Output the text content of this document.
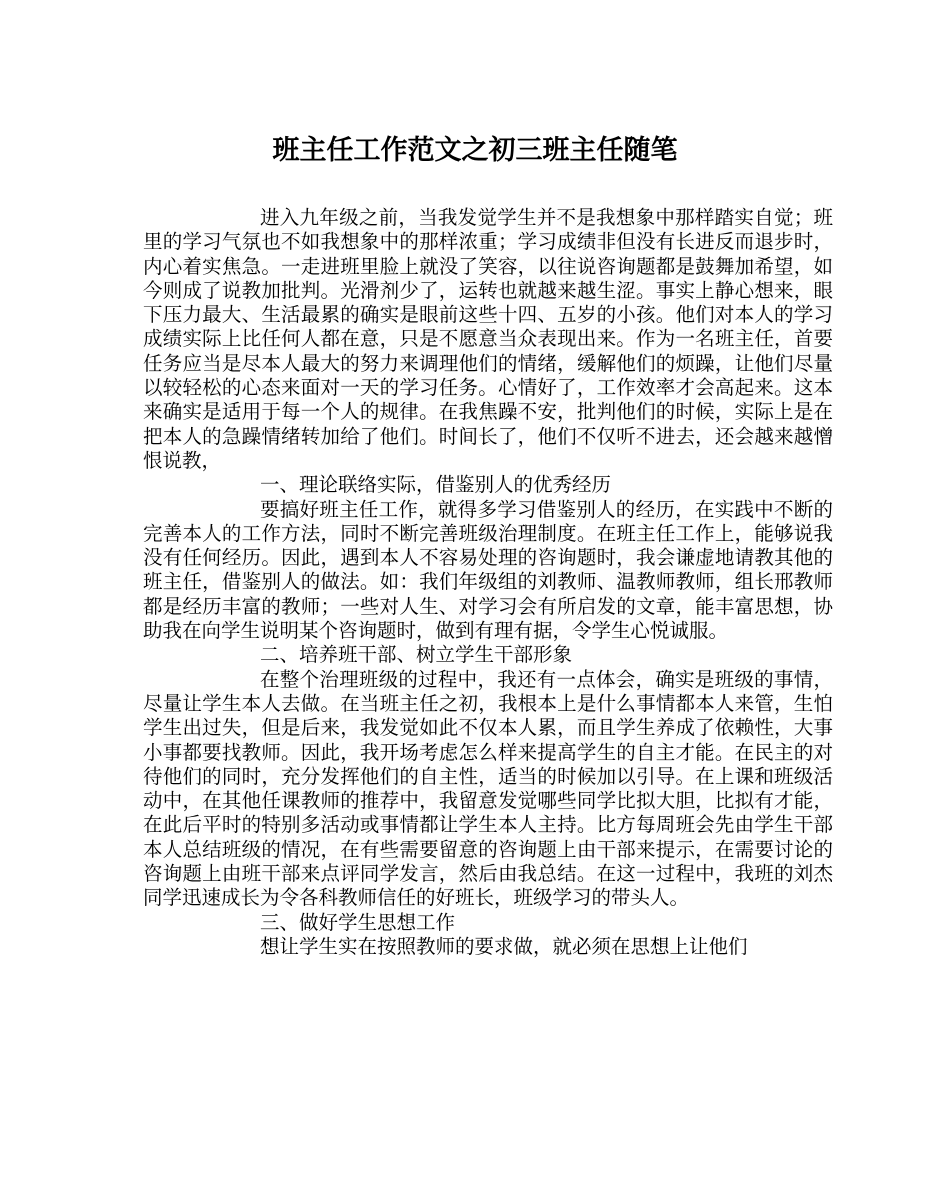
班主任工作范文之初三班主任随笔

进入九年级之前，当我发觉学生并不是我想象中那样踏实自觉；班里的学习气氛也不如我想象中的那样浓重；学习成绩非但没有长进反而退步时，内心着实焦急。一走进班里脸上就没了笑容，以往说咨询题都是鼓舞加希望，如今则成了说教加批判。光滑剂少了，运转也就越来越生涩。事实上静心想来，眼下压力最大、生活最累的确实是眼前这些十四、五岁的小孩。他们对本人的学习成绩实际上比任何人都在意，只是不愿意当众表现出来。作为一名班主任，首要任务应当是尽本人最大的努力来调理他们的情绪，缓解他们的烦躁，让他们尽量以较轻松的心态来面对一天的学习任务。心情好了，工作效率才会高起来。这本来确实是适用于每一个人的规律。在我焦躁不安，批判他们的时候，实际上是在把本人的急躁情绪转加给了他们。时间长了，他们不仅听不进去，还会越来越憎恨说教，

一、理论联络实际，借鉴别人的优秀经历

要搞好班主任工作，就得多学习借鉴别人的经历，在实践中不断的完善本人的工作方法，同时不断完善班级治理制度。在班主任工作上，能够说我没有任何经历。因此，遇到本人不容易处理的咨询题时，我会谦虚地请教其他的班主任，借鉴别人的做法。如：我们年级组的刘教师、温教师教师，组长邢教师都是经历丰富的教师；一些对人生、对学习会有所启发的文章，能丰富思想，协助我在向学生说明某个咨询题时，做到有理有据，令学生心悦诚服。

二、培养班干部、树立学生干部形象

在整个治理班级的过程中，我还有一点体会，确实是班级的事情，尽量让学生本人去做。在当班主任之初，我根本上是什么事情都本人来管，生怕学生出过失，但是后来，我发觉如此不仅本人累，而且学生养成了依赖性，大事小事都要找教师。因此，我开场考虑怎么样来提高学生的自主才能。在民主的对待他们的同时，充分发挥他们的自主性，适当的时候加以引导。在上课和班级活动中，在其他任课教师的推荐中，我留意发觉哪些同学比拟大胆，比拟有才能，在此后平时的特别多活动或事情都让学生本人主持。比方每周班会先由学生干部本人总结班级的情况，在有些需要留意的咨询题上由干部来提示，在需要讨论的咨询题上由班干部来点评同学发言，然后由我总结。在这一过程中，我班的刘杰同学迅速成长为令各科教师信任的好班长，班级学习的带头人。

三、做好学生思想工作

想让学生实在按照教师的要求做，就必须在思想上让他们
